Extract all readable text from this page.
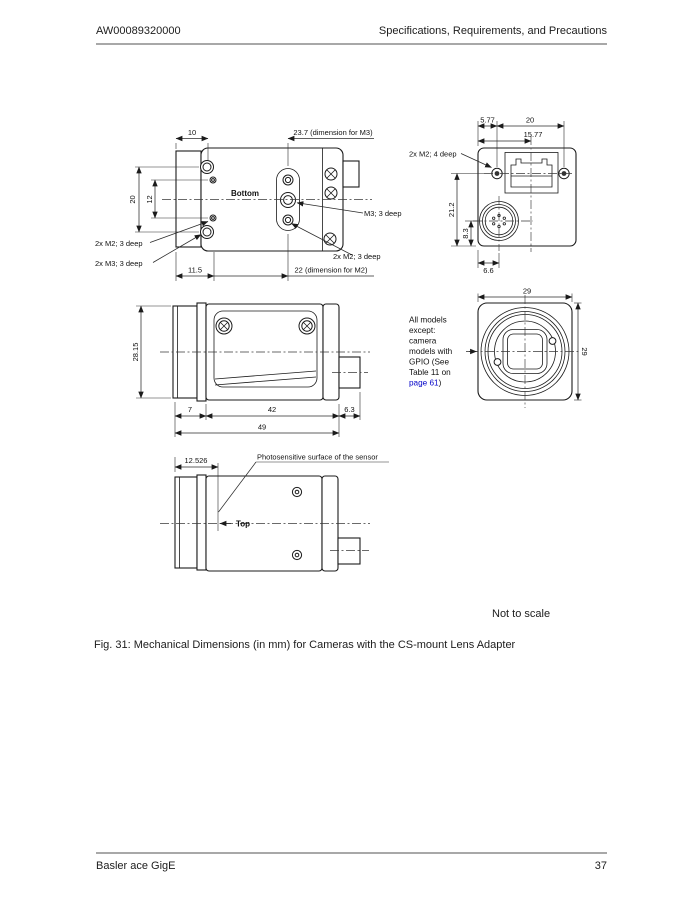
AW00089320000	Specifications, Requirements, and Precautions
Bottom
10	23.7 (dimension for M3)
20 12
11.5	22 (dimension for M2)
2x M2; 3 deep
2x M3; 3 deep
M3; 3 deep
2x M2; 3 deep
5.77	20
15.77
2x M2; 4 deep
21.2
8.3
6.6
28.15
7	42	6.3
49
29
29
All models
except:
camera
models with
GPIO (See
Table 11 on
page 61)
Top
12.526	Photosensitive surface of the sensor
Not to scale
Fig. 31: Mechanical Dimensions (in mm) for Cameras with the CS-mount Lens Adapter
Basler ace GigE	37
